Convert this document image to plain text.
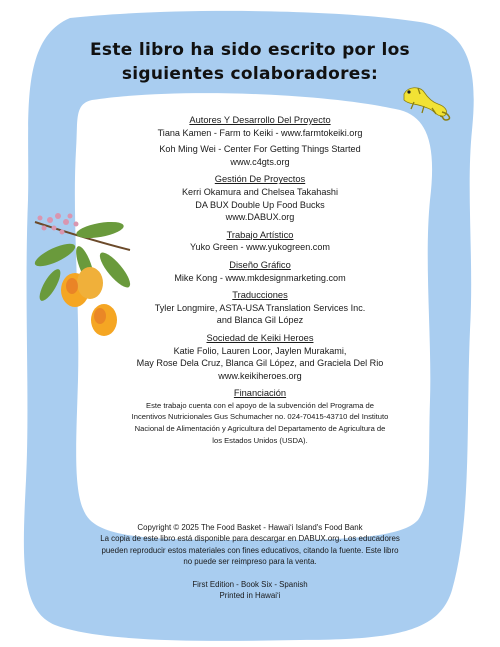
Este libro ha sido escrito por los
siguientes colaboradores:
Autores Y Desarrollo Del Proyecto
Tiana Kamen - Farm to Keiki - www.farmtokeiki.org
Koh Ming Wei - Center For Getting Things Started
www.c4gts.org
Gestión De Proyectos
Kerri Okamura and Chelsea Takahashi
DA BUX Double Up Food Bucks
www.DABUX.org
Trabajo Artístico
Yuko Green - www.yukogreen.com
Diseño Gráfico
Mike Kong - www.mkdesignmarketing.com
Traducciones
Tyler Longmire, ASTA-USA Translation Services Inc.
and Blanca Gil López
Sociedad de Keiki Heroes
Katie Folio, Lauren Loor, Jaylen Murakami,
May Rose Dela Cruz, Blanca Gil López, and Graciela Del Rio
www.keikiheroes.org
Financiación
Este trabajo cuenta con el apoyo de la subvención del Programa de
Incentivos Nutricionales Gus Schumacher no. 024-70415-43710 del Instituto
Nacional de Alimentación y Agricultura del Departamento de Agricultura de
los Estados Unidos (USDA).
Copyright © 2025 The Food Basket - Hawaiʻi Island's Food Bank
La copia de este libro está disponible para descargar en DABUX.org. Los educadores
pueden reproducir estos materiales con fines educativos, citando la fuente. Este libro
no puede ser reimpreso para la venta.
First Edition - Book Six - Spanish
Printed in Hawaiʻi
